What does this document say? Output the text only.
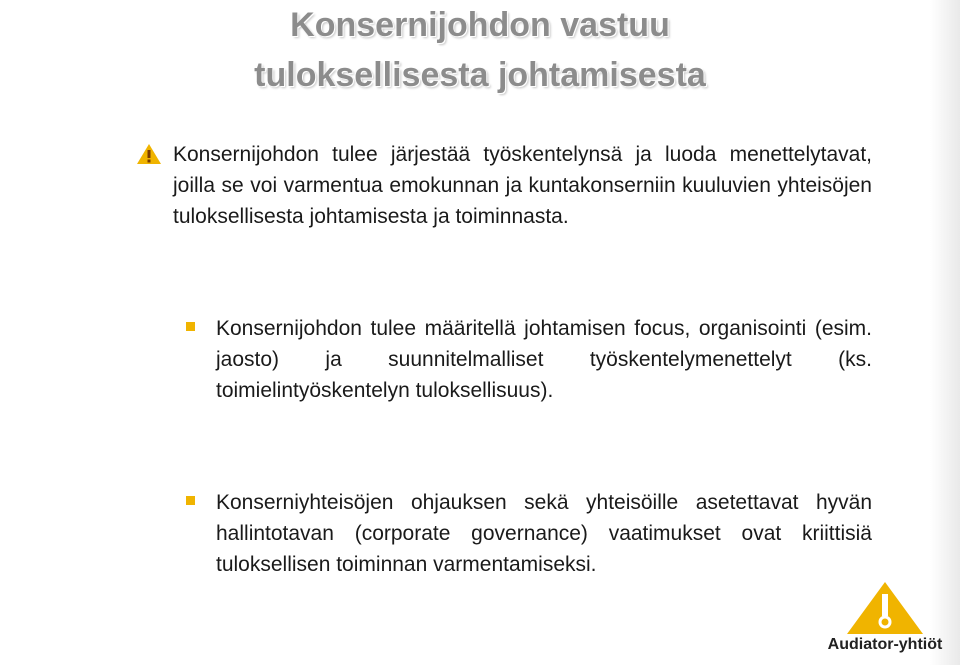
Konsernijohdon vastuu
tuloksellisesta johtamisesta

Konsernijohdon tulee järjestää työskentelynsä ja luoda menettelytavat, joilla se voi varmentua emokunnan ja kuntakonserniin kuuluvien yhteisöjen tuloksellisesta johtamisesta ja toiminnasta.

Konsernijohdon tulee määritellä johtamisen focus, organisointi (esim. jaosto) ja suunnitelmalliset työskentelymenettelyt (ks. toimielintyöskentelyn tuloksellisuus).

Konserniyhteisöjen ohjauksen sekä yhteisöille asetettavat hyvän hallintotavan (corporate governance) vaatimukset ovat kriittisiä tuloksellisen toiminnan varmentamiseksi.

Audiator-yhtiöt
